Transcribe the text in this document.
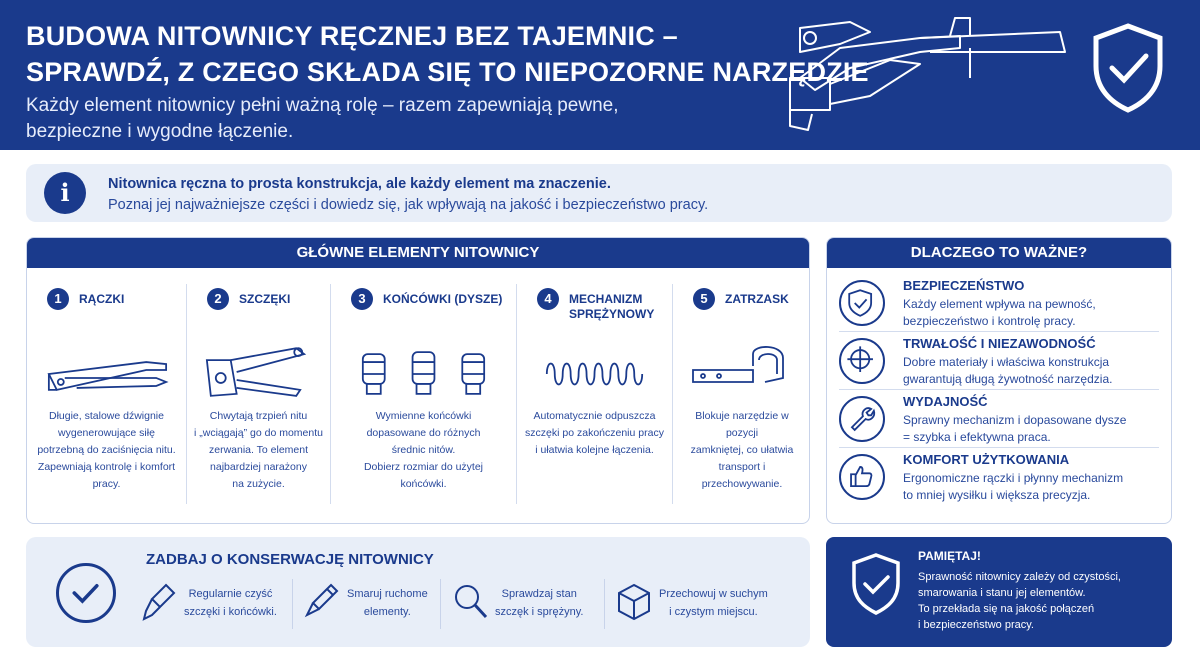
BUDOWA NITOWNICY RĘCZNEJ BEZ TAJEMNIC –
SPRAWDŹ, Z CZEGO SKŁADA SIĘ TO NIEPOZORNE NARZĘDZIE
Każdy element nitownicy pełni ważną rolę – razem zapewniają pewne,
bezpieczne i wygodne łączenie.
i	Nitownica ręczna to prosta konstrukcja, ale każdy element ma znaczenie.
Poznaj jej najważniejsze części i dowiedz się, jak wpływają na jakość i bezpieczeństwo pracy.
GŁÓWNE ELEMENTY NITOWNICY
1	RĄCZKI
Długie, stalowe dźwignie
wygenerowujące siłę
potrzebną do zaciśnięcia nitu.
Zapewniają kontrolę i komfort
pracy.
2	SZCZĘKI
Chwytają trzpień nitu
i „wciągają” go do momentu
zerwania. To element
najbardziej narażony
na zużycie.
3	KOŃCÓWKI (DYSZE)
Wymienne końcówki
dopasowane do różnych
średnic nitów.
Dobierz rozmiar do użytej
końcówki.
4	MECHANIZM
SPRĘŻYNOWY
Automatycznie odpuszcza
szczęki po zakończeniu pracy
i ułatwia kolejne łączenia.
5	ZATRZASK
Blokuje narzędzie w pozycji
zamkniętej, co ułatwia
transport i przechowywanie.
DLACZEGO TO WAŻNE?
BEZPIECZEŃSTWO
Każdy element wpływa na pewność,
bezpieczeństwo i kontrolę pracy.
TRWAŁOŚĆ I NIEZAWODNOŚĆ
Dobre materiały i właściwa konstrukcja
gwarantują długą żywotność narzędzia.
WYDAJNOŚĆ
Sprawny mechanizm i dopasowane dysze
= szybka i efektywna praca.
KOMFORT UŻYTKOWANIA
Ergonomiczne rączki i płynny mechanizm
to mniej wysiłku i większa precyzja.
ZADBAJ O KONSERWACJĘ NITOWNICY
Regularnie czyść
szczęki i końcówki.
Smaruj ruchome
elementy.
Sprawdzaj stan
szczęk i sprężyny.
Przechowuj w suchym
i czystym miejscu.
PAMIĘTAJ!
Sprawność nitownicy zależy od czystości,
smarowania i stanu jej elementów.
To przekłada się na jakość połączeń
i bezpieczeństwo pracy.
